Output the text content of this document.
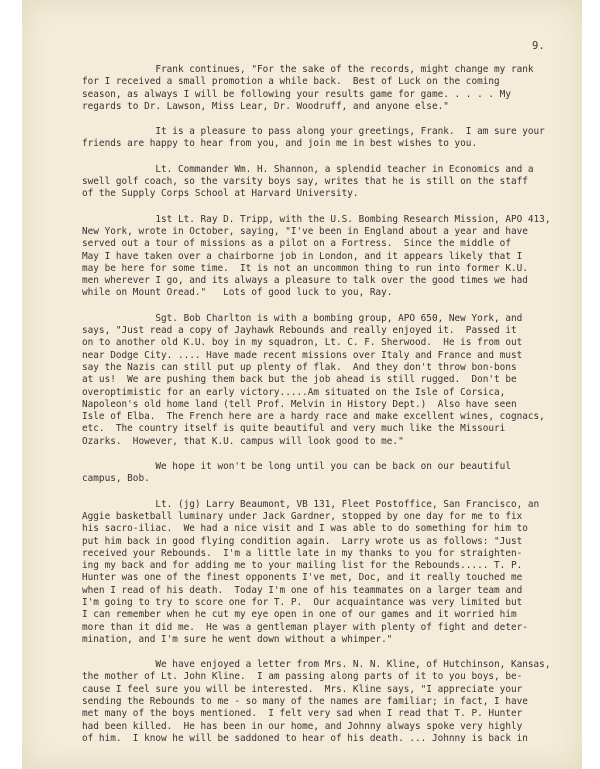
9.
Frank continues, "For the sake of the records, might change my rank
for I received a small promotion a while back.  Best of Luck on the coming
season, as always I will be following your results game for game. . . . . My
regards to Dr. Lawson, Miss Lear, Dr. Woodruff, and anyone else."
It is a pleasure to pass along your greetings, Frank.  I am sure your
friends are happy to hear from you, and join me in best wishes to you.
Lt. Commander Wm. H. Shannon, a splendid teacher in Economics and a
swell golf coach, so the varsity boys say, writes that he is still on the staff
of the Supply Corps School at Harvard University.
1st Lt. Ray D. Tripp, with the U.S. Bombing Research Mission, APO 413,
New York, wrote in October, saying, "I've been in England about a year and have
served out a tour of missions as a pilot on a Fortress.  Since the middle of
May I have taken over a chairborne job in London, and it appears likely that I
may be here for some time.  It is not an uncommon thing to run into former K.U.
men wherever I go, and its always a pleasure to talk over the good times we had
while on Mount Oread."   Lots of good luck to you, Ray.
Sgt. Bob Charlton is with a bombing group, APO 650, New York, and
says, "Just read a copy of Jayhawk Rebounds and really enjoyed it.  Passed it
on to another old K.U. boy in my squadron, Lt. C. F. Sherwood.  He is from out
near Dodge City. .... Have made recent missions over Italy and France and must
say the Nazis can still put up plenty of flak.  And they don't throw bon-bons
at us!  We are pushing them back but the job ahead is still rugged.  Don't be
overoptimistic for an early victory.....Am situated on the Isle of Corsica,
Napoleon's old home land (tell Prof. Melvin in History Dept.)  Also have seen
Isle of Elba.  The French here are a hardy race and make excellent wines, cognacs,
etc.  The country itself is quite beautiful and very much like the Missouri
Ozarks.  However, that K.U. campus will look good to me."
We hope it won't be long until you can be back on our beautiful
campus, Bob.
Lt. (jg) Larry Beaumont, VB 131, Fleet Postoffice, San Francisco, an
Aggie basketball luminary under Jack Gardner, stopped by one day for me to fix
his sacro-iliac.  We had a nice visit and I was able to do something for him to
put him back in good flying condition again.  Larry wrote us as follows: "Just
received your Rebounds.  I'm a little late in my thanks to you for straighten-
ing my back and for adding me to your mailing list for the Rebounds..... T. P.
Hunter was one of the finest opponents I've met, Doc, and it really touched me
when I read of his death.  Today I'm one of his teammates on a larger team and
I'm going to try to score one for T. P.  Our acquaintance was very limited but
I can remember when he cut my eye open in one of our games and it worried him
more than it did me.  He was a gentleman player with plenty of fight and deter-
mination, and I'm sure he went down without a whimper."
We have enjoyed a letter from Mrs. N. N. Kline, of Hutchinson, Kansas,
the mother of Lt. John Kline.  I am passing along parts of it to you boys, be-
cause I feel sure you will be interested.  Mrs. Kline says, "I appreciate your
sending the Rebounds to me - so many of the names are familiar; in fact, I have
met many of the boys mentioned.  I felt very sad when I read that T. P. Hunter
had been killed.  He has been in our home, and Johnny always spoke very highly
of him.  I know he will be saddoned to hear of his death. ... Johnny is back in
